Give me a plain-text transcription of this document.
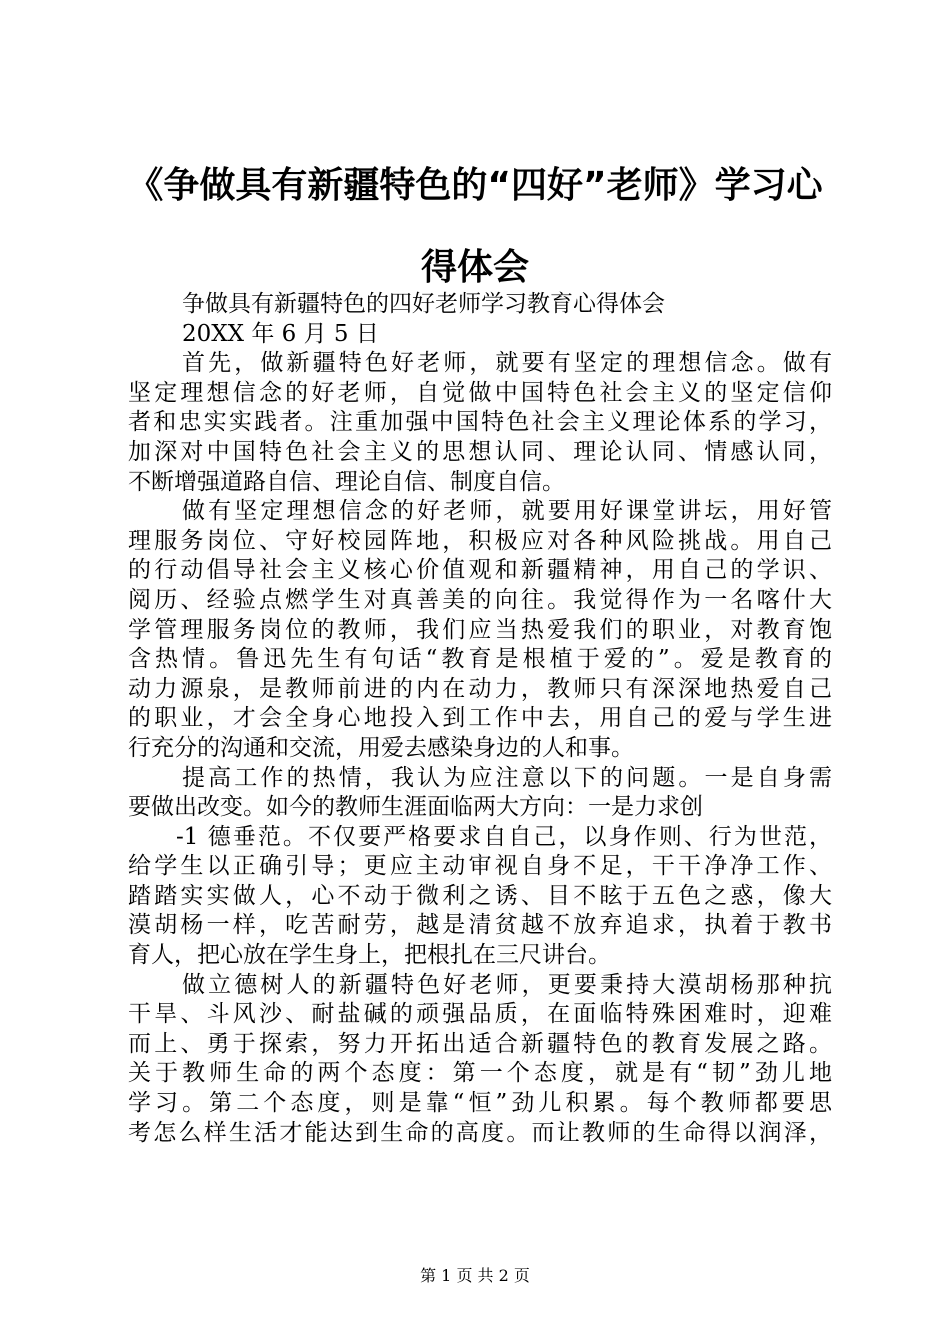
《争做具有新疆特色的“四好”老师》学习心
得体会
争做具有新疆特色的四好老师学习教育心得体会
20XX 年 6 月 5 日
首先，做新疆特色好老师，就要有坚定的理想信念。做有
坚定理想信念的好老师，自觉做中国特色社会主义的坚定信仰
者和忠实实践者。注重加强中国特色社会主义理论体系的学习，
加深对中国特色社会主义的思想认同、理论认同、情感认同，
不断增强道路自信、理论自信、制度自信。
做有坚定理想信念的好老师，就要用好课堂讲坛，用好管
理服务岗位、守好校园阵地，积极应对各种风险挑战。用自己
的行动倡导社会主义核心价值观和新疆精神，用自己的学识、
阅历、经验点燃学生对真善美的向往。我觉得作为一名喀什大
学管理服务岗位的教师，我们应当热爱我们的职业，对教育饱
含热情。鲁迅先生有句话“教育是根植于爱的”。爱是教育的
动力源泉，是教师前进的内在动力，教师只有深深地热爱自己
的职业，才会全身心地投入到工作中去，用自己的爱与学生进
行充分的沟通和交流，用爱去感染身边的人和事。
提高工作的热情，我认为应注意以下的问题。一是自身需
要做出改变。如今的教师生涯面临两大方向：一是力求创
-1 德垂范。不仅要严格要求自自己，以身作则、行为世范，
给学生以正确引导；更应主动审视自身不足，干干净净工作、
踏踏实实做人，心不动于微利之诱、目不眩于五色之惑，像大
漠胡杨一样，吃苦耐劳，越是清贫越不放弃追求，执着于教书
育人，把心放在学生身上，把根扎在三尺讲台。
做立德树人的新疆特色好老师，更要秉持大漠胡杨那种抗
干旱、斗风沙、耐盐碱的顽强品质，在面临特殊困难时，迎难
而上、勇于探索，努力开拓出适合新疆特色的教育发展之路。
关于教师生命的两个态度：第一个态度，就是有“韧”劲儿地
学习。第二个态度，则是靠“恒”劲儿积累。每个教师都要思
考怎么样生活才能达到生命的高度。而让教师的生命得以润泽，
第 1 页 共 2 页
